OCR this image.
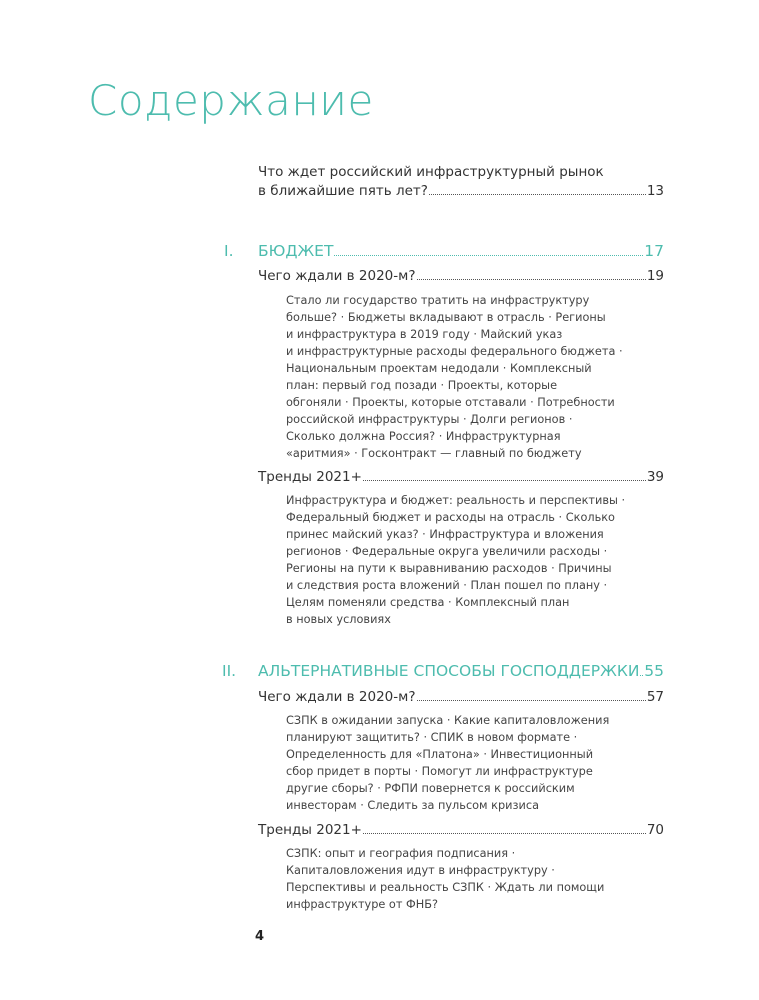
Содержание
Что ждет российский инфраструктурный рынок
в ближайшие пять лет?	13
I. БЮДЖЕТ	17
Чего ждали в 2020-м?	19
Стало ли государство тратить на инфраструктуру
больше? · Бюджеты вкладывают в отрасль · Регионы
и инфраструктура в 2019 году · Майский указ
и инфраструктурные расходы федерального бюджета ·
Национальным проектам недодали · Комплексный
план: первый год позади · Проекты, которые
обгоняли · Проекты, которые отставали · Потребности
российской инфраструктуры · Долги регионов ·
Сколько должна Россия? · Инфраструктурная
«аритмия» · Госконтракт — главный по бюджету
Тренды 2021+	39
Инфраструктура и бюджет: реальность и перспективы ·
Федеральный бюджет и расходы на отрасль · Сколько
принес майский указ? · Инфраструктура и вложения
регионов · Федеральные округа увеличили расходы ·
Регионы на пути к выравниванию расходов · Причины
и следствия роста вложений · План пошел по плану ·
Целям поменяли средства · Комплексный план
в новых условиях
II. АЛЬТЕРНАТИВНЫЕ СПОСОБЫ ГОСПОДДЕРЖКИ 55
Чего ждали в 2020-м?	57
СЗПК в ожидании запуска · Какие капиталовложения
планируют защитить? · СПИК в новом формате ·
Определенность для «Платона» · Инвестиционный
сбор придет в порты · Помогут ли инфраструктуре
другие сборы? · РФПИ повернется к российским
инвесторам · Следить за пульсом кризиса
Тренды 2021+	70
СЗПК: опыт и география подписания ·
Капиталовложения идут в инфраструктуру ·
Перспективы и реальность СЗПК · Ждать ли помощи
инфраструктуре от ФНБ?
4
